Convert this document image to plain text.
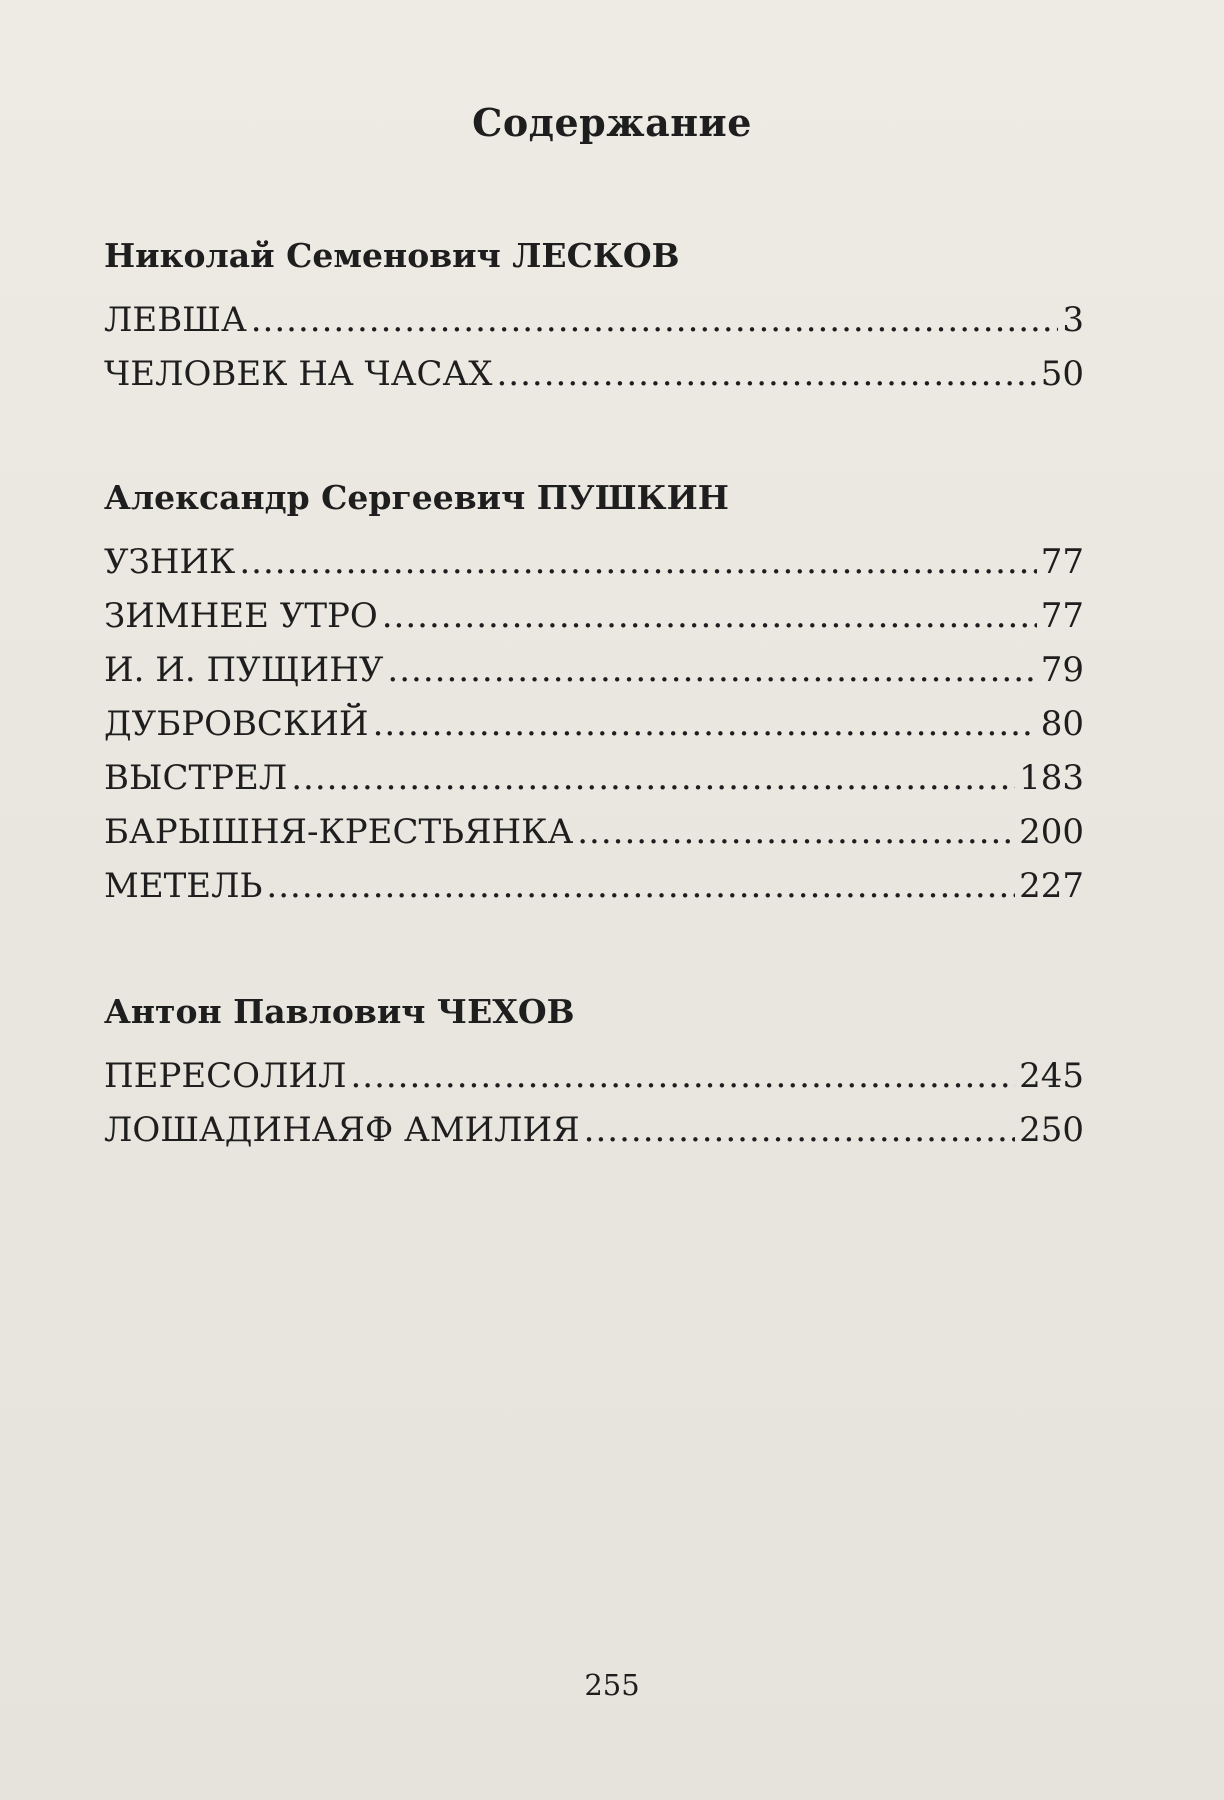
Содержание
Николай Семенович ЛЕСКОВ
ЛЕВША .....	3
ЧЕЛОВЕК НА ЧАСАХ .....	50
Александр Сергеевич ПУШКИН
УЗНИК .....	77
ЗИМНЕЕ УТРО .....	77
И. И. ПУЩИНУ .....	79
ДУБРОВСКИЙ .....	80
ВЫСТРЕЛ .....	183
БАРЫШНЯ-КРЕСТЬЯНКА .....	200
МЕТЕЛЬ .....	227
Антон Павлович ЧЕХОВ
ПЕРЕСОЛИЛ .....	245
ЛОШАДИНАЯФ АМИЛИЯ .....	250
255
